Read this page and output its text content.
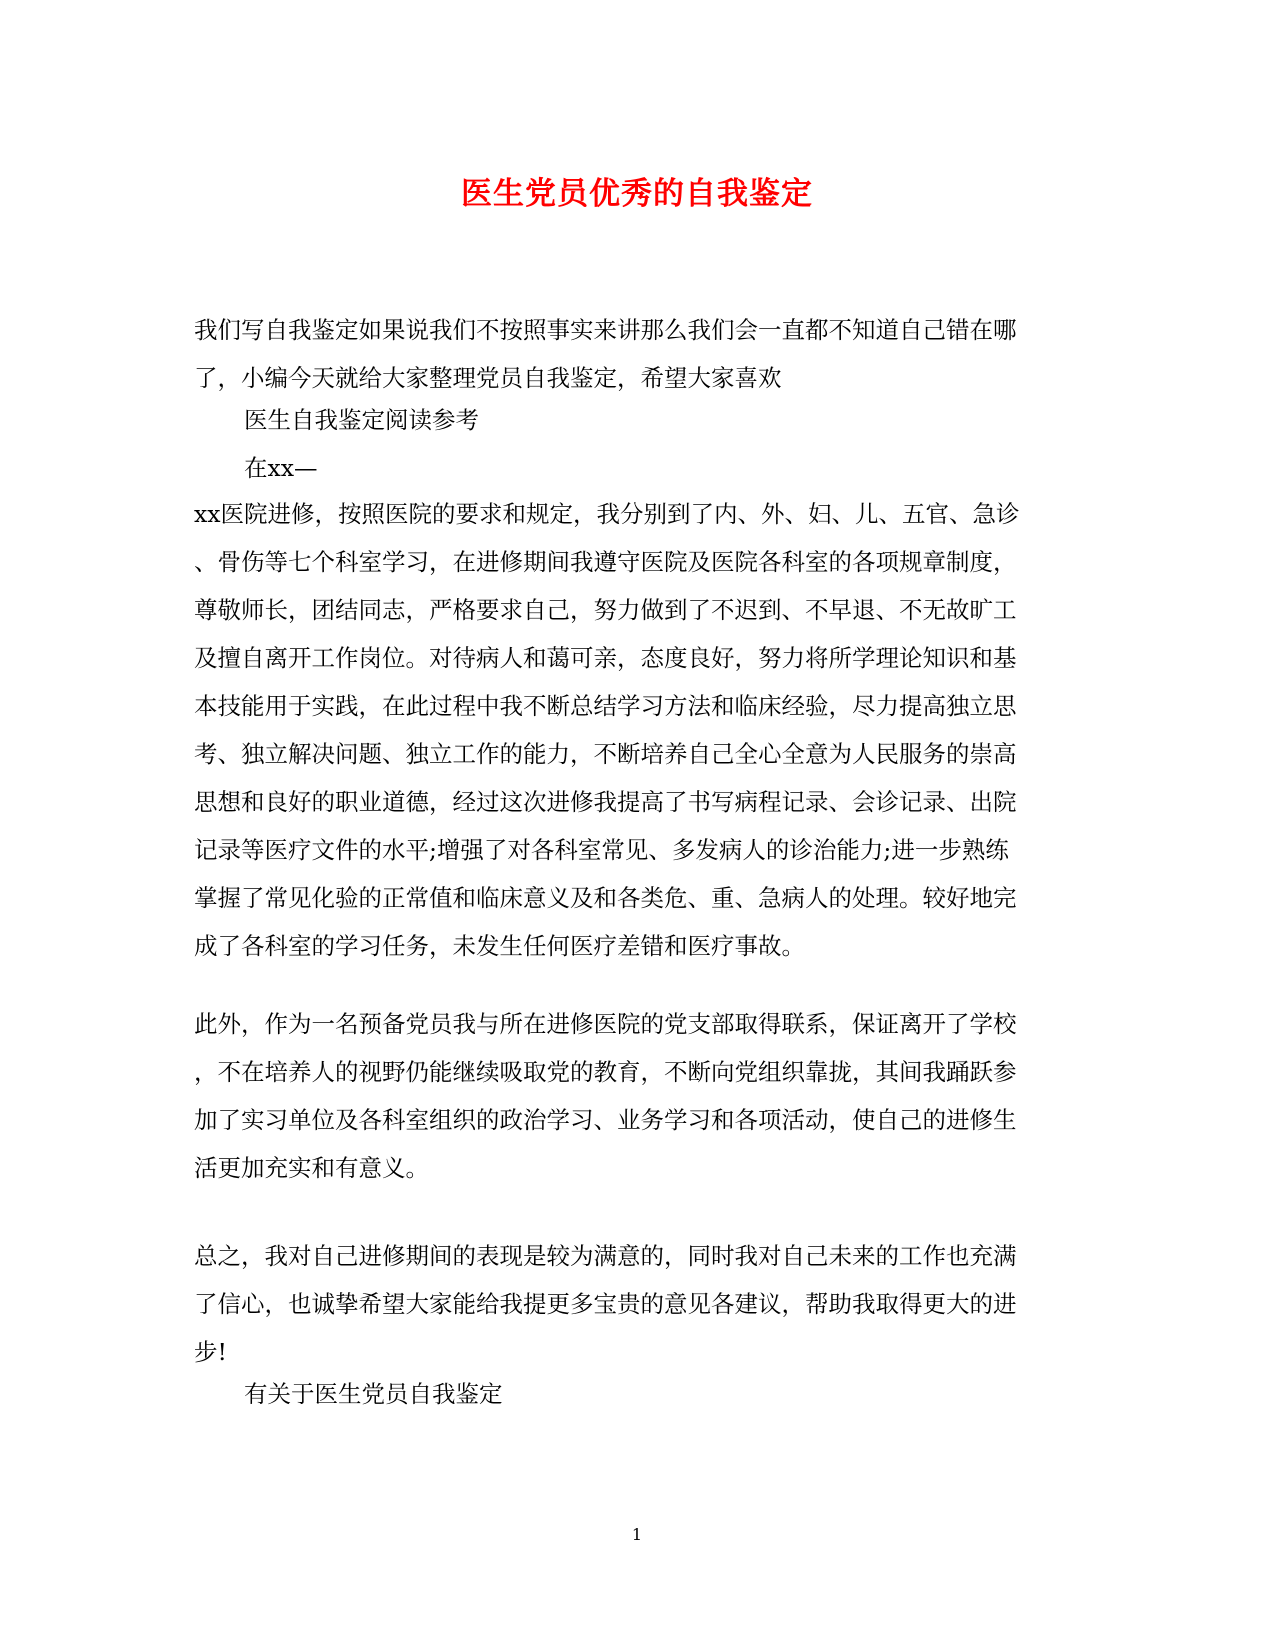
医生党员优秀的自我鉴定
我们写自我鉴定如果说我们不按照事实来讲那么我们会一直都不知道自己错在哪
了，小编今天就给大家整理党员自我鉴定，希望大家喜欢
医生自我鉴定阅读参考
在xx—
xx医院进修，按照医院的要求和规定，我分别到了内、外、妇、儿、五官、急诊
、骨伤等七个科室学习，在进修期间我遵守医院及医院各科室的各项规章制度，
尊敬师长，团结同志，严格要求自己，努力做到了不迟到、不早退、不无故旷工
及擅自离开工作岗位。对待病人和蔼可亲，态度良好，努力将所学理论知识和基
本技能用于实践，在此过程中我不断总结学习方法和临床经验，尽力提高独立思
考、独立解决问题、独立工作的能力，不断培养自己全心全意为人民服务的崇高
思想和良好的职业道德，经过这次进修我提高了书写病程记录、会诊记录、出院
记录等医疗文件的水平;增强了对各科室常见、多发病人的诊治能力;进一步熟练
掌握了常见化验的正常值和临床意义及和各类危、重、急病人的处理。较好地完
成了各科室的学习任务，未发生任何医疗差错和医疗事故。
此外，作为一名预备党员我与所在进修医院的党支部取得联系，保证离开了学校
，不在培养人的视野仍能继续吸取党的教育，不断向党组织靠拢，其间我踊跃参
加了实习单位及各科室组织的政治学习、业务学习和各项活动，使自己的进修生
活更加充实和有意义。
总之，我对自己进修期间的表现是较为满意的，同时我对自己未来的工作也充满
了信心，也诚挚希望大家能给我提更多宝贵的意见各建议，帮助我取得更大的进
步!
有关于医生党员自我鉴定
1
